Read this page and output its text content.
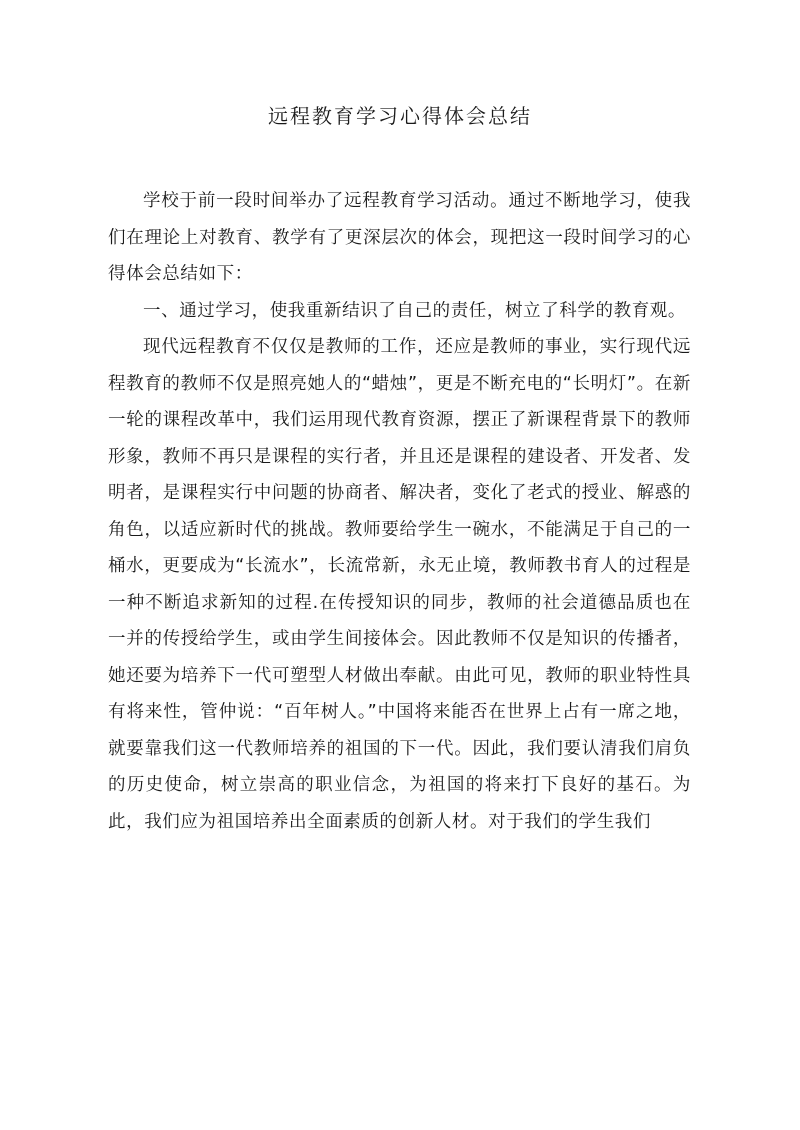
远程教育学习心得体会总结

学校于前一段时间举办了远程教育学习活动。通过不断地学习，使我们在理论上对教育、教学有了更深层次的体会，现把这一段时间学习的心得体会总结如下：

一、通过学习，使我重新结识了自己的责任，树立了科学的教育观。

现代远程教育不仅仅是教师的工作，还应是教师的事业，实行现代远程教育的教师不仅是照亮她人的“蜡烛”，更是不断充电的“长明灯”。在新一轮的课程改革中，我们运用现代教育资源，摆正了新课程背景下的教师形象，教师不再只是课程的实行者，并且还是课程的建设者、开发者、发明者，是课程实行中问题的协商者、解决者，变化了老式的授业、解惑的角色，以适应新时代的挑战。教师要给学生一碗水，不能满足于自己的一桶水，更要成为“长流水”，长流常新，永无止境，教师教书育人的过程是一种不断追求新知的过程.在传授知识的同步，教师的社会道德品质也在一并的传授给学生，或由学生间接体会。因此教师不仅是知识的传播者，她还要为培养下一代可塑型人材做出奉献。由此可见，教师的职业特性具有将来性，管仲说：“百年树人。”中国将来能否在世界上占有一席之地，就要靠我们这一代教师培养的祖国的下一代。因此，我们要认清我们肩负的历史使命，树立崇高的职业信念，为祖国的将来打下良好的基石。为此，我们应为祖国培养出全面素质的创新人材。对于我们的学生我们
